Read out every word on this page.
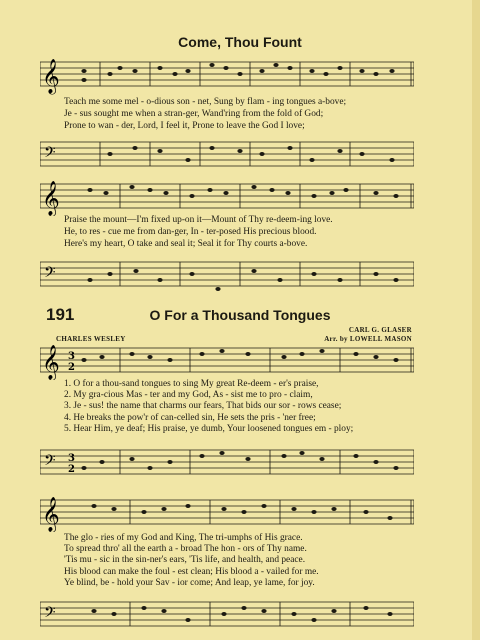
Come, Thou Fount
𝄞
Teach me some mel - o-dious son - net, Sung by flam - ing tongues a-bove;
Je - sus sought me when a stran-ger, Wand'ring from the fold of God;
Prone to wan - der, Lord, I feel it, Prone to leave the God I love;
𝄢
𝄞
Praise the mount—I'm fixed up-on it—Mount of Thy re-deem-ing love.
He, to res - cue me from dan-ger, In - ter-posed His precious blood.
Here's my heart, O take and seal it; Seal it for Thy courts a-bove.
𝄢
191	O For a Thousand Tongues
CARL G. GLASER
CHARLES WESLEY	Arr. by LOWELL MASON
𝄞 3
2
1. O for a thou-sand tongues to sing My great Re-deem - er's praise,
2. My gra-cious Mas - ter and my God, As - sist me to pro - claim,
3. Je - sus! the name that charms our fears, That bids our sor - rows cease;
4. He breaks the pow'r of can-celled sin, He sets the pris - 'ner free;
5. Hear Him, ye deaf; His praise, ye dumb, Your loosened tongues em - ploy;
𝄢 3
2
𝄞
The glo - ries of my God and King, The tri-umphs of His grace.
To spread thro' all the earth a - broad The hon - ors of Thy name.
'Tis mu - sic in the sin-ner's ears, 'Tis life, and health, and peace.
His blood can make the foul - est clean; His blood a - vailed for me.
Ye blind, be - hold your Sav - ior come; And leap, ye lame, for joy.
𝄢
